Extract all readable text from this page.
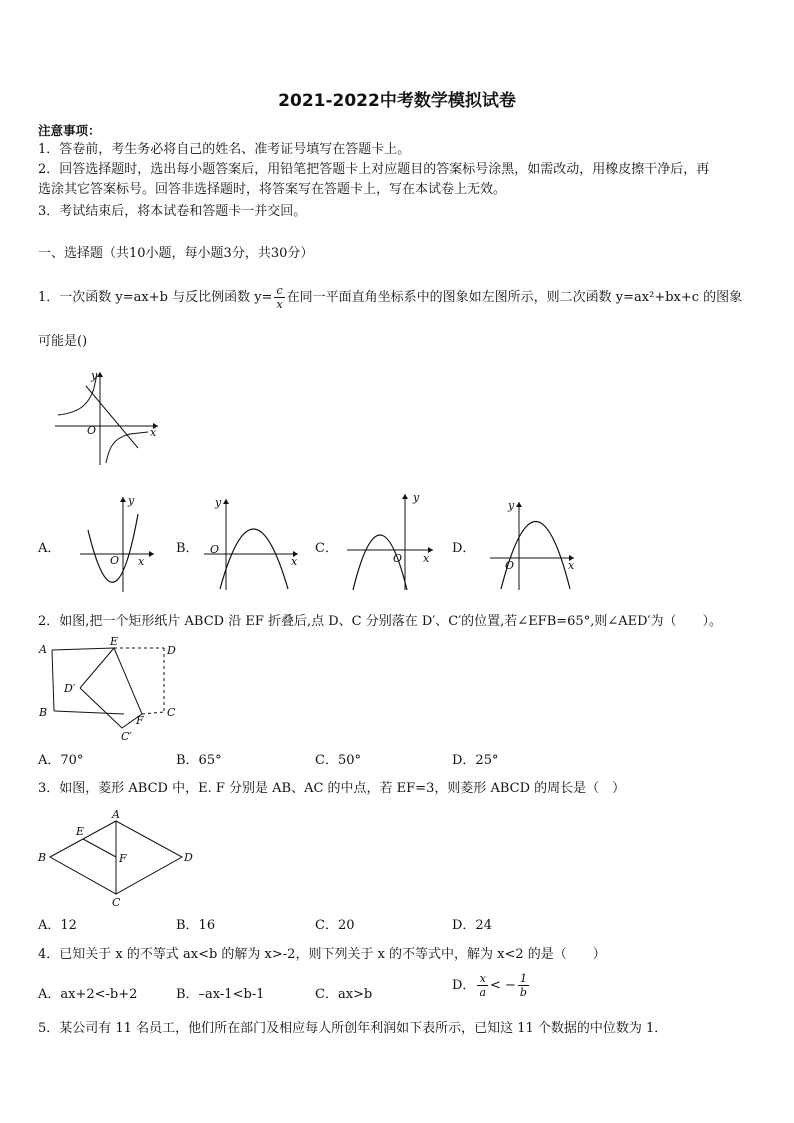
2021-2022中考数学模拟试卷
注意事项：
1．答卷前，考生务必将自己的姓名、准考证号填写在答题卡上。
2．回答选择题时，选出每小题答案后，用铅笔把答题卡上对应题目的答案标号涂黑，如需改动，用橡皮擦干净后，再
选涂其它答案标号。回答非选择题时，将答案写在答题卡上，写在本试卷上无效。
3．考试结束后，将本试卷和答题卡一并交回。
一、选择题（共10小题，每小题3分，共30分）
1．一次函数 y=ax+b 与反比例函数 $y= \frac{c}{x}$ 在同一平面直角坐标系中的图象如左图所示，则二次函数 y=ax²+bx+c 的图象
可能是()
y
x
O
A．
y
x
O
B．
y
x
O	C．
y
x
O
D．
y
x
O
2．如图,把一个矩形纸片 ABCD 沿 EF 折叠后,点 D、C 分别落在 D′、C′的位置,若∠EFB=65°,则∠AED′为（　　）。
A
E
D
D′
B	C
F
C′
A．70°	B．65°	C．50°	D．25°
3．如图，菱形 ABCD 中，E. F 分别是 AB、AC 的中点，若 EF=3，则菱形 ABCD 的周长是（　）
A
B	D
C
E
F
A．12	B．16	C．20	D．24
4．已知关于 x 的不等式 ax<b 的解为 x>-2，则下列关于 x 的不等式中，解为 x<2 的是（　　）
A．ax+2<-b+2	B．–ax-1<b-1	C．ax>b
D． $\frac{x}{a}$ < − $\frac{1}{b}$
5．某公司有 11 名员工，他们所在部门及相应每人所创年利润如下表所示，已知这 11 个数据的中位数为 1．
